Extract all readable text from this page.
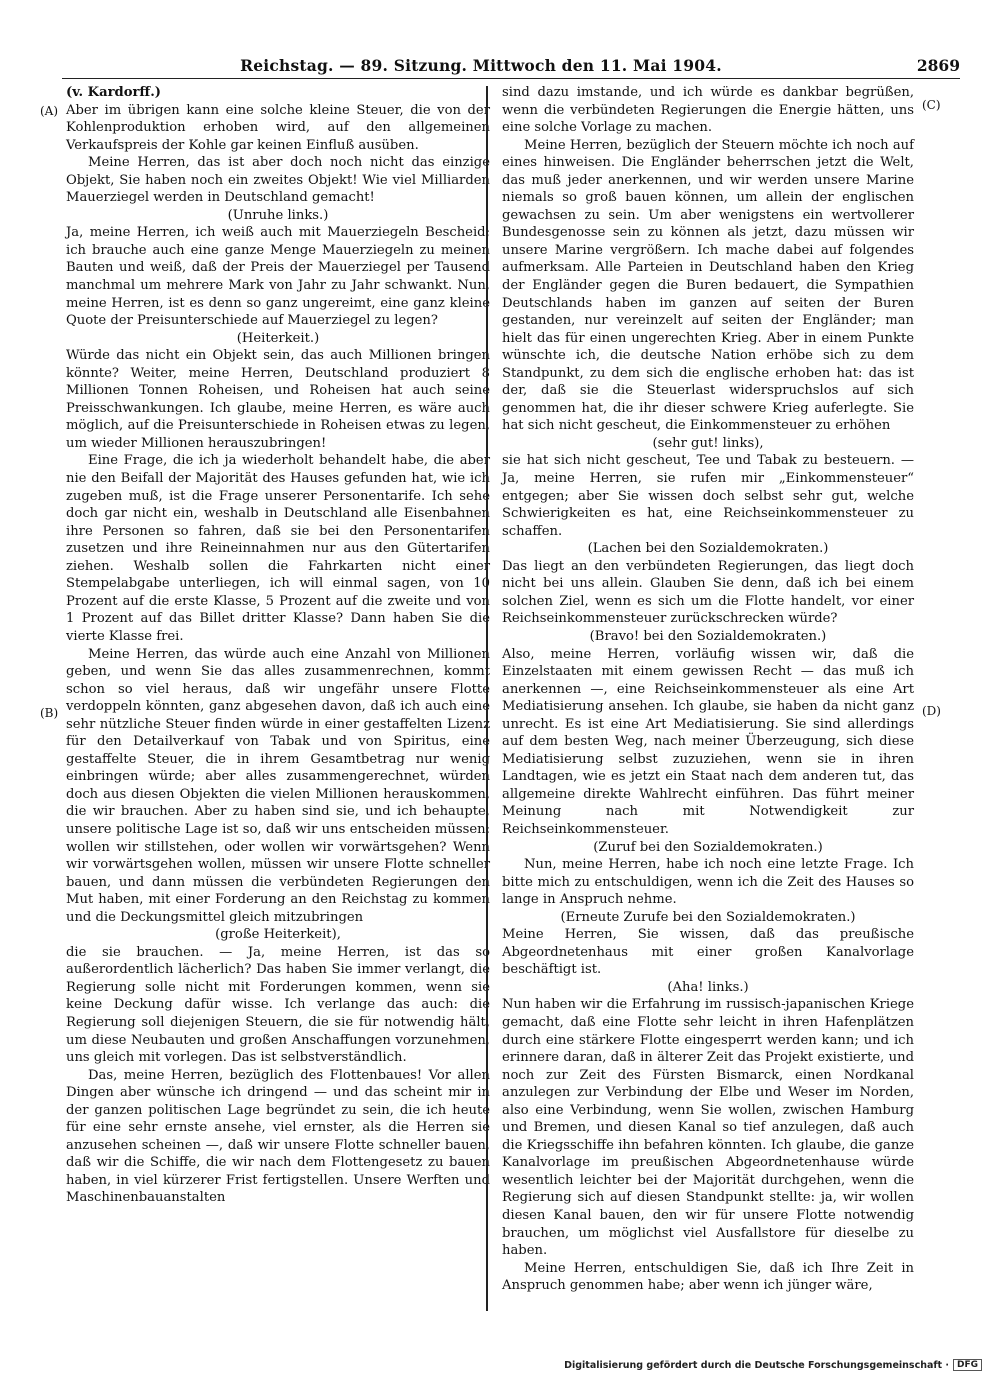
Reichstag. — 89. Sitzung. Mittwoch den 11. Mai 1904.	2869
(A)
(B)
(C)
(D)

(v. Kardorff.)

Aber im übrigen kann eine solche kleine Steuer, die von der Kohlenproduktion erhoben wird, auf den allgemeinen Verkaufspreis der Kohle gar keinen Einfluß ausüben.

Meine Herren, das ist aber doch noch nicht das einzige Objekt, Sie haben noch ein zweites Objekt! Wie viel Milliarden Mauerziegel werden in Deutschland gemacht!

(Unruhe links.)

Ja, meine Herren, ich weiß auch mit Mauerziegeln Bescheid; ich brauche auch eine ganze Menge Mauerziegeln zu meinen Bauten und weiß, daß der Preis der Mauerziegel per Tausend manchmal um mehrere Mark von Jahr zu Jahr schwankt. Nun, meine Herren, ist es denn so ganz ungereimt, eine ganz kleine Quote der Preisunterschiede auf Mauerziegel zu legen?

(Heiterkeit.)

Würde das nicht ein Objekt sein, das auch Millionen bringen könnte? Weiter, meine Herren, Deutschland produziert 8 Millionen Tonnen Roheisen, und Roheisen hat auch seine Preisschwankungen. Ich glaube, meine Herren, es wäre auch möglich, auf die Preisunterschiede in Roheisen etwas zu legen, um wieder Millionen herauszubringen!

Eine Frage, die ich ja wiederholt behandelt habe, die aber nie den Beifall der Majorität des Hauses gefunden hat, wie ich zugeben muß, ist die Frage unserer Personentarife. Ich sehe doch gar nicht ein, weshalb in Deutschland alle Eisenbahnen ihre Personen so fahren, daß sie bei den Personentarifen zusetzen und ihre Reineinnahmen nur aus den Gütertarifen ziehen. Weshalb sollen die Fahrkarten nicht einer Stempelabgabe unterliegen, ich will einmal sagen, von 10 Prozent auf die erste Klasse, 5 Prozent auf die zweite und von 1 Prozent auf das Billet dritter Klasse? Dann haben Sie die vierte Klasse frei.

Meine Herren, das würde auch eine Anzahl von Millionen geben, und wenn Sie das alles zusammenrechnen, kommt schon so viel heraus, daß wir ungefähr unsere Flotte verdoppeln könnten, ganz abgesehen davon, daß ich auch eine sehr nützliche Steuer finden würde in einer gestaffelten Lizenz für den Detailverkauf von Tabak und von Spiritus, eine gestaffelte Steuer, die in ihrem Gesamtbetrag nur wenig einbringen würde; aber alles zusammengerechnet, würden doch aus diesen Objekten die vielen Millionen herauskommen, die wir brauchen. Aber zu haben sind sie, und ich behaupte, unsere politische Lage ist so, daß wir uns entscheiden müssen: wollen wir stillstehen, oder wollen wir vorwärtsgehen? Wenn wir vorwärtsgehen wollen, müssen wir unsere Flotte schneller bauen, und dann müssen die verbündeten Regierungen den Mut haben, mit einer Forderung an den Reichstag zu kommen und die Deckungsmittel gleich mitzubringen

(große Heiterkeit),

die sie brauchen. — Ja, meine Herren, ist das so außerordentlich lächerlich? Das haben Sie immer verlangt, die Regierung solle nicht mit Forderungen kommen, wenn sie keine Deckung dafür wisse. Ich verlange das auch: die Regierung soll diejenigen Steuern, die sie für notwendig hält, um diese Neubauten und großen Anschaffungen vorzunehmen, uns gleich mit vorlegen. Das ist selbstverständlich.

Das, meine Herren, bezüglich des Flottenbaues! Vor allen Dingen aber wünsche ich dringend — und das scheint mir in der ganzen politischen Lage begründet zu sein, die ich heute für eine sehr ernste ansehe, viel ernster, als die Herren sie anzusehen scheinen —, daß wir unsere Flotte schneller bauen, daß wir die Schiffe, die wir nach dem Flottengesetz zu bauen haben, in viel kürzerer Frist fertigstellen. Unsere Werften und Maschinenbauanstalten

sind dazu imstande, und ich würde es dankbar begrüßen, wenn die verbündeten Regierungen die Energie hätten, uns eine solche Vorlage zu machen.

Meine Herren, bezüglich der Steuern möchte ich noch auf eines hinweisen. Die Engländer beherrschen jetzt die Welt, das muß jeder anerkennen, und wir werden unsere Marine niemals so groß bauen können, um allein der englischen gewachsen zu sein. Um aber wenigstens ein wertvollerer Bundesgenosse sein zu können als jetzt, dazu müssen wir unsere Marine vergrößern. Ich mache dabei auf folgendes aufmerksam. Alle Parteien in Deutschland haben den Krieg der Engländer gegen die Buren bedauert, die Sympathien Deutschlands haben im ganzen auf seiten der Buren gestanden, nur vereinzelt auf seiten der Engländer; man hielt das für einen ungerechten Krieg. Aber in einem Punkte wünschte ich, die deutsche Nation erhöbe sich zu dem Standpunkt, zu dem sich die englische erhoben hat: das ist der, daß sie die Steuerlast widerspruchslos auf sich genommen hat, die ihr dieser schwere Krieg auferlegte. Sie hat sich nicht gescheut, die Einkommensteuer zu erhöhen

(sehr gut! links),

sie hat sich nicht gescheut, Tee und Tabak zu besteuern. — Ja, meine Herren, sie rufen mir „Einkommensteuer“ entgegen; aber Sie wissen doch selbst sehr gut, welche Schwierigkeiten es hat, eine Reichseinkommensteuer zu schaffen.

(Lachen bei den Sozialdemokraten.)

Das liegt an den verbündeten Regierungen, das liegt doch nicht bei uns allein. Glauben Sie denn, daß ich bei einem solchen Ziel, wenn es sich um die Flotte handelt, vor einer Reichseinkommensteuer zurückschrecken würde?

(Bravo! bei den Sozialdemokraten.)

Also, meine Herren, vorläufig wissen wir, daß die Einzelstaaten mit einem gewissen Recht — das muß ich anerkennen —, eine Reichseinkommensteuer als eine Art Mediatisierung ansehen. Ich glaube, sie haben da nicht ganz unrecht. Es ist eine Art Mediatisierung. Sie sind allerdings auf dem besten Weg, nach meiner Überzeugung, sich diese Mediatisierung selbst zuzuziehen, wenn sie in ihren Landtagen, wie es jetzt ein Staat nach dem anderen tut, das allgemeine direkte Wahlrecht einführen. Das führt meiner Meinung nach mit Notwendigkeit zur Reichseinkommensteuer.

(Zuruf bei den Sozialdemokraten.)

Nun, meine Herren, habe ich noch eine letzte Frage. Ich bitte mich zu entschuldigen, wenn ich die Zeit des Hauses so lange in Anspruch nehme.

(Erneute Zurufe bei den Sozialdemokraten.)

Meine Herren, Sie wissen, daß das preußische Abgeordnetenhaus mit einer großen Kanalvorlage beschäftigt ist.

(Aha! links.)

Nun haben wir die Erfahrung im russisch-japanischen Kriege gemacht, daß eine Flotte sehr leicht in ihren Hafenplätzen durch eine stärkere Flotte eingesperrt werden kann; und ich erinnere daran, daß in älterer Zeit das Projekt existierte, und noch zur Zeit des Fürsten Bismarck, einen Nordkanal anzulegen zur Verbindung der Elbe und Weser im Norden, also eine Verbindung, wenn Sie wollen, zwischen Hamburg und Bremen, und diesen Kanal so tief anzulegen, daß auch die Kriegsschiffe ihn befahren könnten. Ich glaube, die ganze Kanalvorlage im preußischen Abgeordnetenhause würde wesentlich leichter bei der Majorität durchgehen, wenn die Regierung sich auf diesen Standpunkt stellte: ja, wir wollen diesen Kanal bauen, den wir für unsere Flotte notwendig brauchen, um möglichst viel Ausfallstore für dieselbe zu haben.

Meine Herren, entschuldigen Sie, daß ich Ihre Zeit in Anspruch genommen habe; aber wenn ich jünger wäre,

Digitalisierung gefördert durch die Deutsche Forschungsgemeinschaft · DFG
